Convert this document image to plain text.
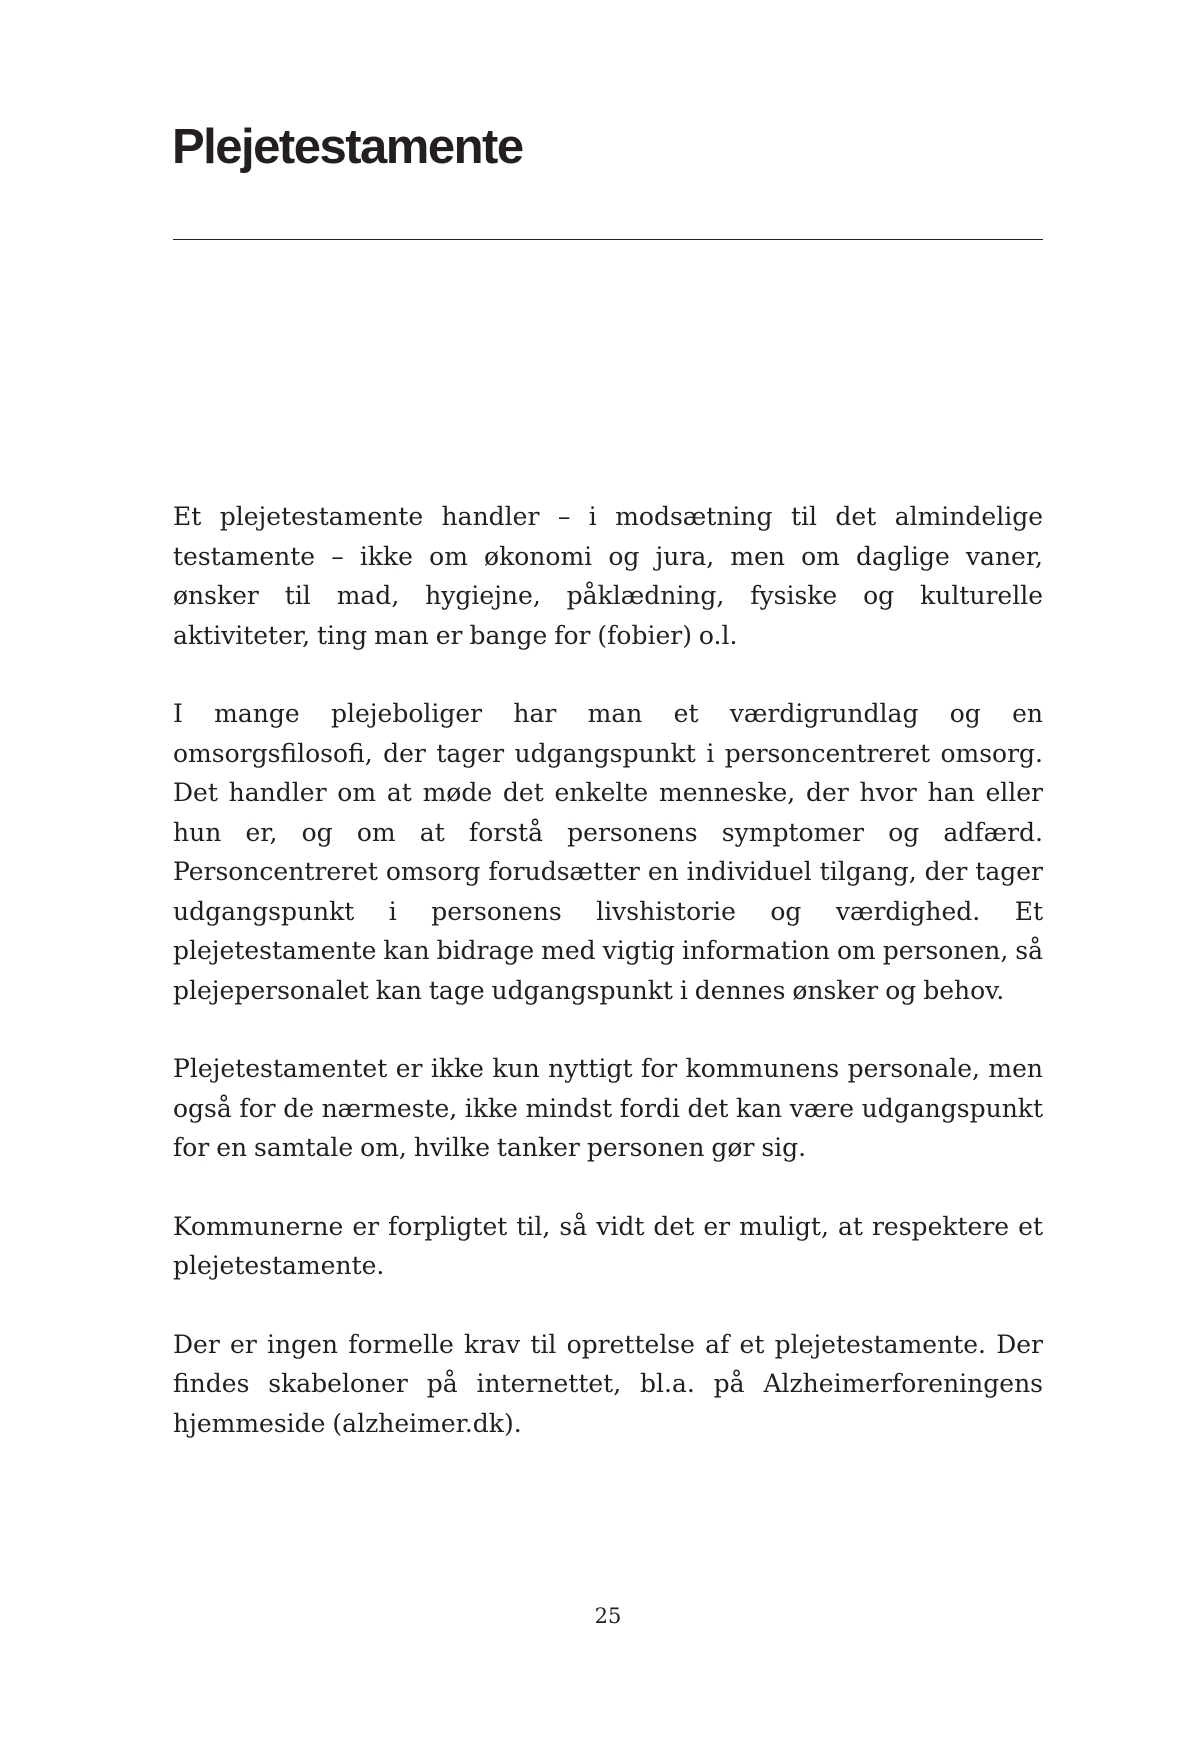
Plejetestamente

Et plejetestamente handler – i modsætning til det almindelige testamente – ikke om økonomi og jura, men om daglige vaner, ønsker til mad, hygiejne, påklædning, fysiske og kulturelle aktiviteter, ting man er bange for (fobier) o.l.

I mange plejeboliger har man et værdigrundlag og en omsorgsfilosofi, der tager udgangspunkt i personcentreret omsorg. Det handler om at møde det enkelte menneske, der hvor han eller hun er, og om at forstå personens symptomer og adfærd. Personcentreret omsorg forudsætter en individuel tilgang, der tager udgangspunkt i personens livshistorie og værdighed. Et plejetestamente kan bidrage med vigtig information om personen, så plejepersonalet kan tage udgangspunkt i dennes ønsker og behov.

Plejetestamentet er ikke kun nyttigt for kommunens personale, men også for de nærmeste, ikke mindst fordi det kan være udgangspunkt for en samtale om, hvilke tanker personen gør sig.

Kommunerne er forpligtet til, så vidt det er muligt, at respektere et plejetestamente.

Der er ingen formelle krav til oprettelse af et plejetestamente. Der findes skabeloner på internettet, bl.a. på Alzheimerforeningens hjemmeside (alzheimer.dk).

25
